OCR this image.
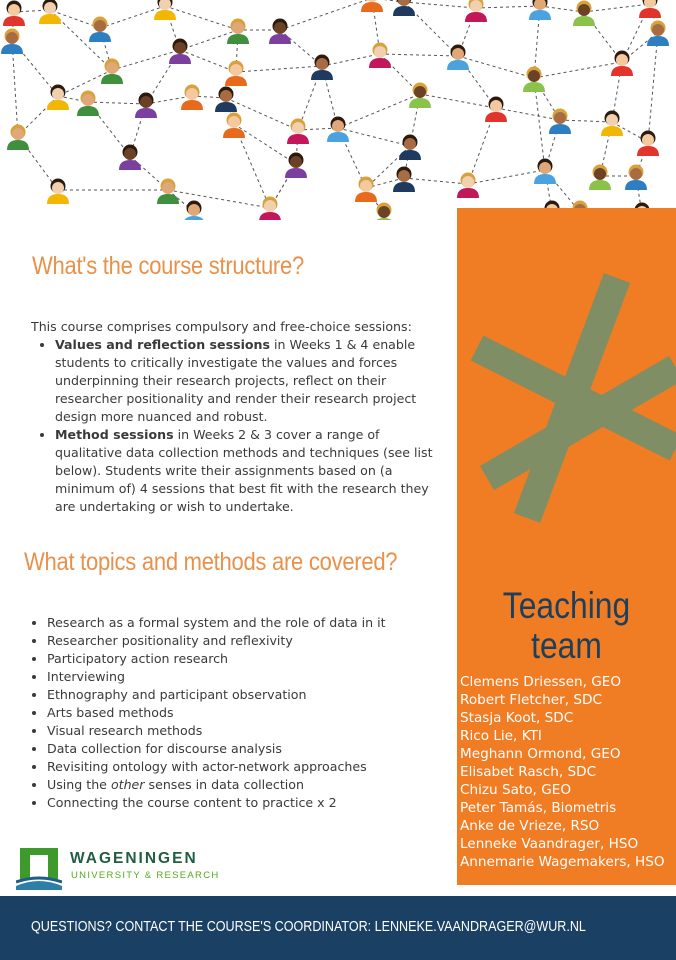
Teaching team
Clemens Driessen, GEO
Robert Fletcher, SDC
Stasja Koot, SDC
Rico Lie, KTI
Meghann Ormond, GEO
Elisabet Rasch, SDC
Chizu Sato, GEO
Peter Tamás, Biometris
Anke de Vrieze, RSO
Lenneke Vaandrager, HSO
Annemarie Wagemakers, HSO
What's the course structure?

This course comprises compulsory and free-choice sessions:

• Values and reflection sessions in Weeks 1 & 4 enable students to critically investigate the values and forces underpinning their research projects, reflect on their researcher positionality and render their research project design more nuanced and robust.
• Method sessions in Weeks 2 & 3 cover a range of qualitative data collection methods and techniques (see list below). Students write their assignments based on (a minimum of) 4 sessions that best fit with the research they are undertaking or wish to undertake.
What topics and methods are covered?
• Research as a formal system and the role of data in it
• Researcher positionality and reflexivity
• Participatory action research
• Interviewing
• Ethnography and participant observation
• Arts based methods
• Visual research methods
• Data collection for discourse analysis
• Revisiting ontology with actor-network approaches
• Using the other senses in data collection
• Connecting the course content to practice x 2
WAGENINGEN
UNIVERSITY & RESEARCH
QUESTIONS? CONTACT THE COURSE'S COORDINATOR: LENNEKE.VAANDRAGER@WUR.NL
